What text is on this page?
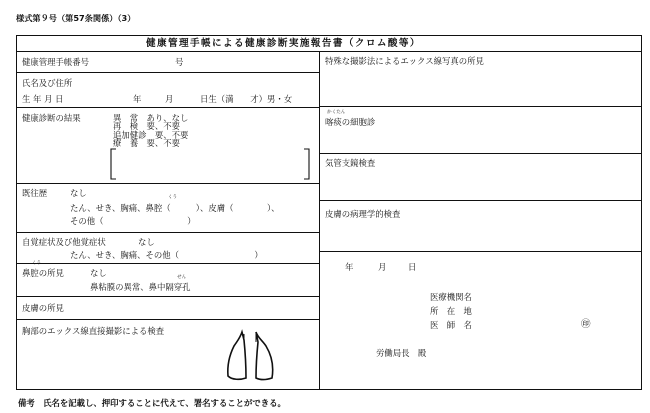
様式第９号（第57条関係）（3）
健康管理手帳による健康診断実施報告書（クロム酸等）
健康管理手帳番号	号
氏名及び住所
生 年 月 日	年	月	日生（満　　才）男・女
健康診断の結果	異　常　 あり、なし
再　検　 要、不要
追加健診　 要、不要
療　養　 要、不要
既往歴	なし	くう
たん、せき、胸痛、鼻腔（　　　）、皮膚（　　　　）、
その他（　　　　　　　　　　）
自覚症状及び他覚症状	なし
たん、せき、胸痛、その他（　　　　　　　　　）
くう
鼻腔の所見	なし	せん
鼻粘膜の異常、鼻中隔穿孔
皮膚の所見
胸部のエックス線直接撮影による検査
特殊な撮影法によるエックス線写真の所見
かくたん
喀痰の細胞診
気管支鏡検査
皮膚の病理学的検査
年	月	日
医療機関名
所　在　地
医　師　名	㊞
労働局長　殿
備考　氏名を記載し、押印することに代えて、署名することができる。
